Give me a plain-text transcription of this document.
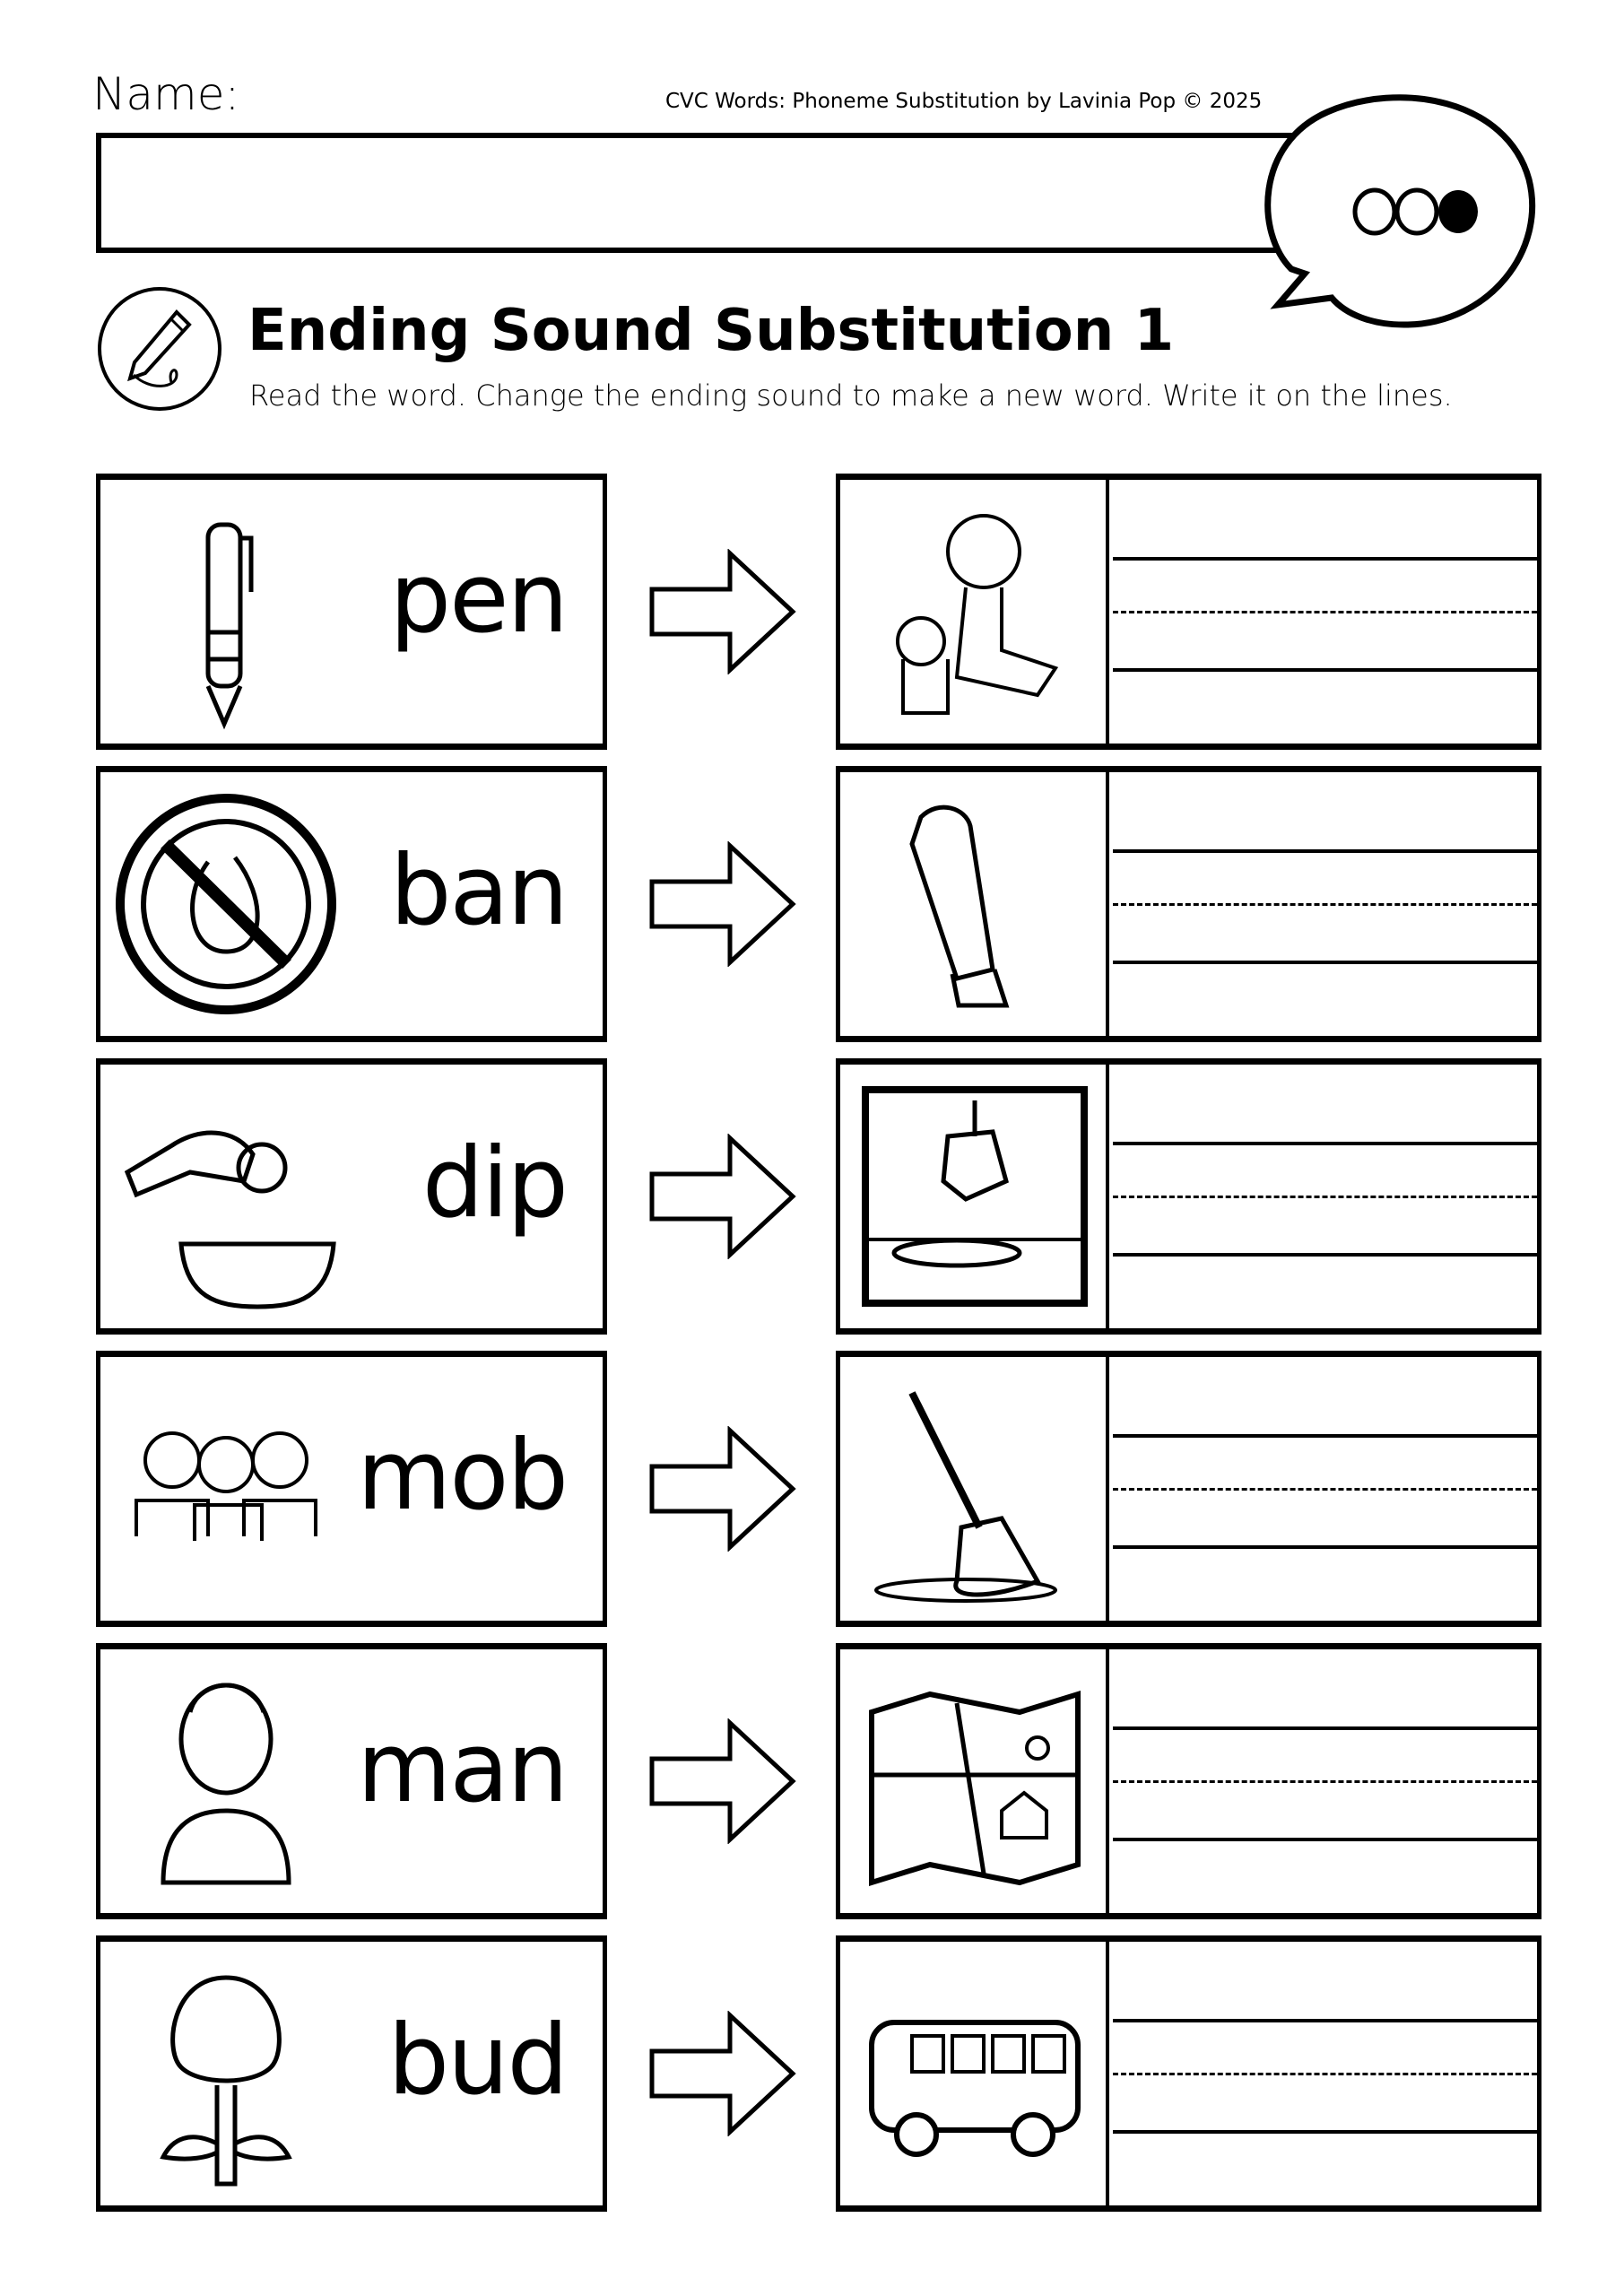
Name:	CVC Words: Phoneme Substitution by Lavinia Pop © 2025
Ending Sound Substitution 1
Read the word. Change the ending sound to make a new word. Write it on the lines.
pen
ban
dip
mob
man
bud
